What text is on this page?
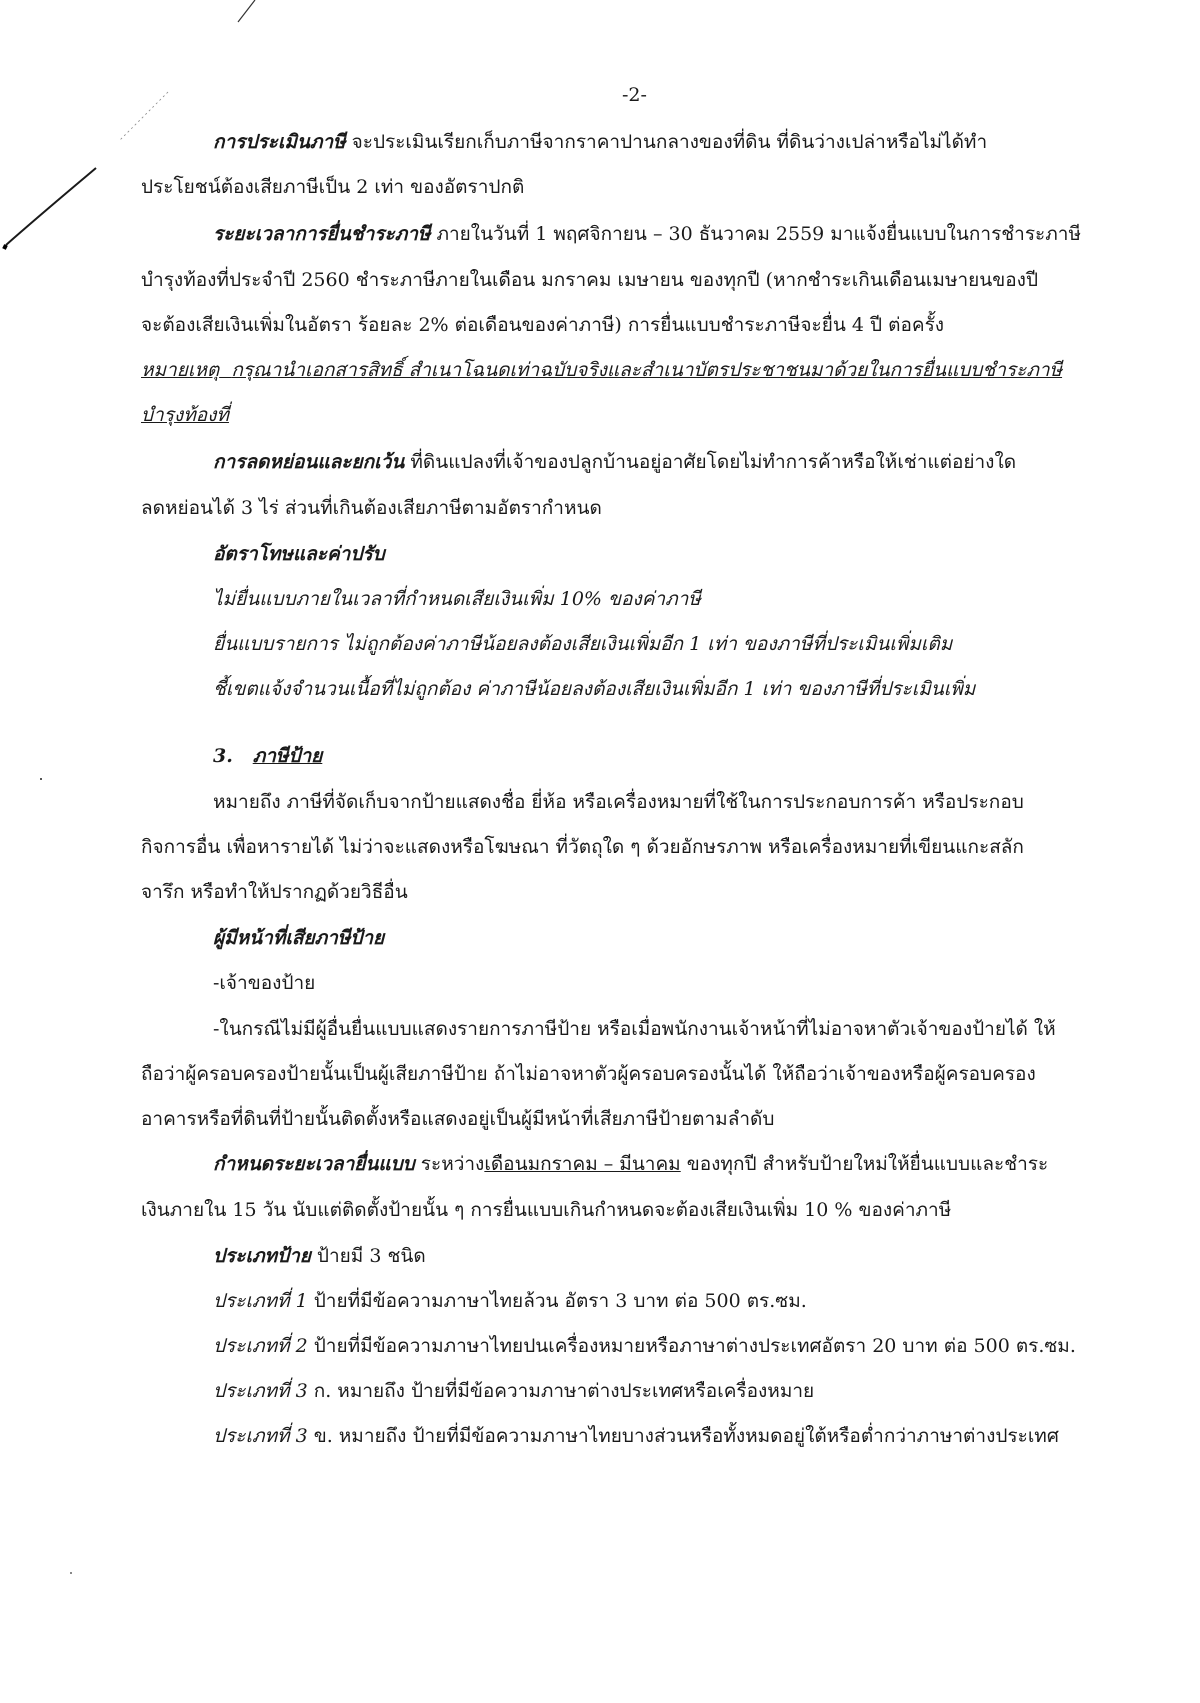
-2-
การประเมินภาษี จะประเมินเรียกเก็บภาษีจากราคาปานกลางของที่ดิน ที่ดินว่างเปล่าหรือไม่ได้ทำ
ประโยชน์ต้องเสียภาษีเป็น 2 เท่า ของอัตราปกติ
ระยะเวลาการยื่นชำระภาษี ภายในวันที่ 1 พฤศจิกายน – 30 ธันวาคม 2559 มาแจ้งยื่นแบบในการชำระภาษี
บำรุงท้องที่ประจำปี 2560 ชำระภาษีภายในเดือน มกราคม เมษายน ของทุกปี (หากชำระเกินเดือนเมษายนของปี
จะต้องเสียเงินเพิ่มในอัตรา ร้อยละ 2% ต่อเดือนของค่าภาษี) การยื่นแบบชำระภาษีจะยื่น 4 ปี ต่อครั้ง
หมายเหตุ กรุณานำเอกสารสิทธิ์ สำเนาโฉนดเท่าฉบับจริงและสำเนาบัตรประชาชนมาด้วยในการยื่นแบบชำระภาษี
บำรุงท้องที่
การลดหย่อนและยกเว้น ที่ดินแปลงที่เจ้าของปลูกบ้านอยู่อาศัยโดยไม่ทำการค้าหรือให้เช่าแต่อย่างใด
ลดหย่อนได้ 3 ไร่ ส่วนที่เกินต้องเสียภาษีตามอัตรากำหนด
อัตราโทษและค่าปรับ
ไม่ยื่นแบบภายในเวลาที่กำหนดเสียเงินเพิ่ม 10% ของค่าภาษี
ยื่นแบบรายการ ไม่ถูกต้องค่าภาษีน้อยลงต้องเสียเงินเพิ่มอีก 1 เท่า ของภาษีที่ประเมินเพิ่มเติม
ชี้เขตแจ้งจำนวนเนื้อที่ไม่ถูกต้อง ค่าภาษีน้อยลงต้องเสียเงินเพิ่มอีก 1 เท่า ของภาษีที่ประเมินเพิ่ม
3. ภาษีป้าย
หมายถึง ภาษีที่จัดเก็บจากป้ายแสดงชื่อ ยี่ห้อ หรือเครื่องหมายที่ใช้ในการประกอบการค้า หรือประกอบ
กิจการอื่น เพื่อหารายได้ ไม่ว่าจะแสดงหรือโฆษณา ที่วัตถุใด ๆ ด้วยอักษรภาพ หรือเครื่องหมายที่เขียนแกะสลัก
จารึก หรือทำให้ปรากฏด้วยวิธีอื่น
ผู้มีหน้าที่เสียภาษีป้าย
-เจ้าของป้าย
-ในกรณีไม่มีผู้อื่นยื่นแบบแสดงรายการภาษีป้าย หรือเมื่อพนักงานเจ้าหน้าที่ไม่อาจหาตัวเจ้าของป้ายได้ ให้
ถือว่าผู้ครอบครองป้ายนั้นเป็นผู้เสียภาษีป้าย ถ้าไม่อาจหาตัวผู้ครอบครองนั้นได้ ให้ถือว่าเจ้าของหรือผู้ครอบครอง
อาคารหรือที่ดินที่ป้ายนั้นติดตั้งหรือแสดงอยู่เป็นผู้มีหน้าที่เสียภาษีป้ายตามลำดับ
กำหนดระยะเวลายื่นแบบ ระหว่างเดือนมกราคม – มีนาคม ของทุกปี สำหรับป้ายใหม่ให้ยื่นแบบและชำระ
เงินภายใน 15 วัน นับแต่ติดตั้งป้ายนั้น ๆ การยื่นแบบเกินกำหนดจะต้องเสียเงินเพิ่ม 10 % ของค่าภาษี
ประเภทป้าย ป้ายมี 3 ชนิด
ประเภทที่ 1 ป้ายที่มีข้อความภาษาไทยล้วน อัตรา 3 บาท ต่อ 500 ตร.ซม.
ประเภทที่ 2 ป้ายที่มีข้อความภาษาไทยปนเครื่องหมายหรือภาษาต่างประเทศอัตรา 20 บาท ต่อ 500 ตร.ซม.
ประเภทที่ 3 ก. หมายถึง ป้ายที่มีข้อความภาษาต่างประเทศหรือเครื่องหมาย
ประเภทที่ 3 ข. หมายถึง ป้ายที่มีข้อความภาษาไทยบางส่วนหรือทั้งหมดอยู่ใต้หรือต่ำกว่าภาษาต่างประเทศ
